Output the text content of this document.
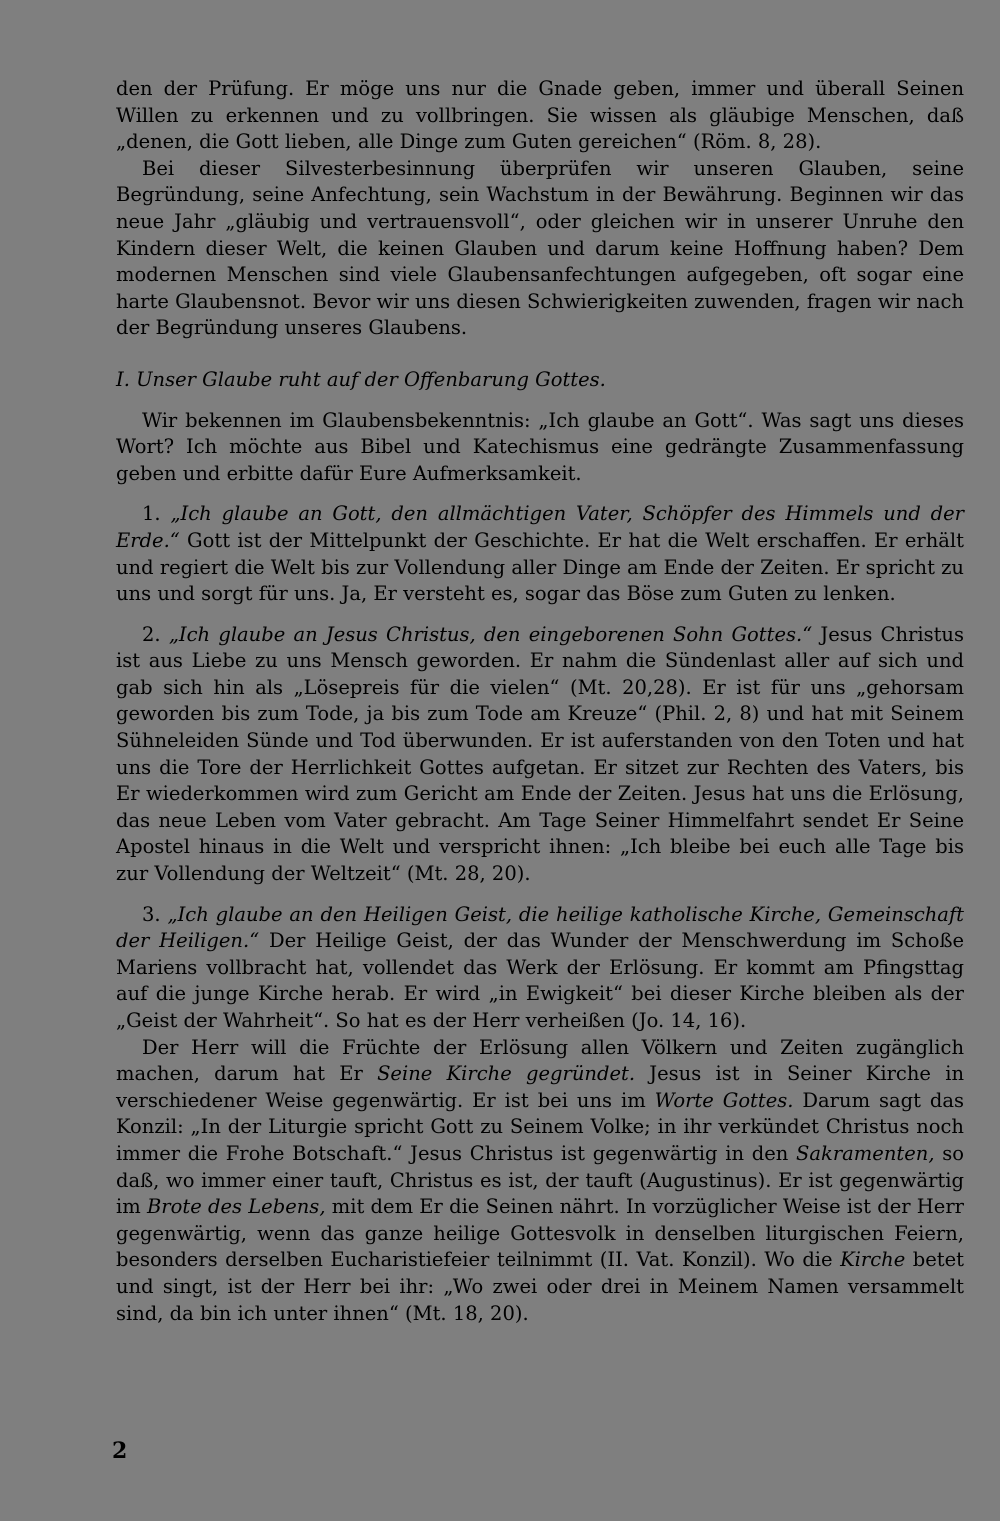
den der Prüfung. Er möge uns nur die Gnade geben, immer und überall Seinen Willen zu erkennen und zu vollbringen. Sie wissen als gläubige Menschen, daß „denen, die Gott lieben, alle Dinge zum Guten gereichen“ (Röm. 8, 28).

Bei dieser Silvesterbesinnung überprüfen wir unseren Glauben, seine Begründung, seine Anfechtung, sein Wachstum in der Bewährung. Beginnen wir das neue Jahr „gläubig und vertrauensvoll“, oder gleichen wir in unserer Unruhe den Kindern dieser Welt, die keinen Glauben und darum keine Hoffnung haben? Dem modernen Menschen sind viele Glaubensanfechtungen aufgegeben, oft sogar eine harte Glaubensnot. Bevor wir uns diesen Schwierigkeiten zuwenden, fragen wir nach der Begründung unseres Glaubens.

I. Unser Glaube ruht auf der Offenbarung Gottes.

Wir bekennen im Glaubensbekenntnis: „Ich glaube an Gott“. Was sagt uns dieses Wort? Ich möchte aus Bibel und Katechismus eine gedrängte Zusammenfassung geben und erbitte dafür Eure Aufmerksamkeit.

1. „Ich glaube an Gott, den allmächtigen Vater, Schöpfer des Himmels und der Erde.“ Gott ist der Mittelpunkt der Geschichte. Er hat die Welt erschaffen. Er erhält und regiert die Welt bis zur Vollendung aller Dinge am Ende der Zeiten. Er spricht zu uns und sorgt für uns. Ja, Er versteht es, sogar das Böse zum Guten zu lenken.

2. „Ich glaube an Jesus Christus, den eingeborenen Sohn Gottes.“ Jesus Christus ist aus Liebe zu uns Mensch geworden. Er nahm die Sündenlast aller auf sich und gab sich hin als „Lösepreis für die vielen“ (Mt. 20,28). Er ist für uns „gehorsam geworden bis zum Tode, ja bis zum Tode am Kreuze“ (Phil. 2, 8) und hat mit Seinem Sühneleiden Sünde und Tod überwunden. Er ist auferstanden von den Toten und hat uns die Tore der Herrlichkeit Gottes aufgetan. Er sitzet zur Rechten des Vaters, bis Er wiederkommen wird zum Gericht am Ende der Zeiten. Jesus hat uns die Erlösung, das neue Leben vom Vater gebracht. Am Tage Seiner Himmelfahrt sendet Er Seine Apostel hinaus in die Welt und verspricht ihnen: „Ich bleibe bei euch alle Tage bis zur Vollendung der Weltzeit“ (Mt. 28, 20).

3. „Ich glaube an den Heiligen Geist, die heilige katholische Kirche, Gemeinschaft der Heiligen.“ Der Heilige Geist, der das Wunder der Menschwerdung im Schoße Mariens vollbracht hat, vollendet das Werk der Erlösung. Er kommt am Pfingsttag auf die junge Kirche herab. Er wird „in Ewigkeit“ bei dieser Kirche bleiben als der „Geist der Wahrheit“. So hat es der Herr verheißen (Jo. 14, 16).

Der Herr will die Früchte der Erlösung allen Völkern und Zeiten zugänglich machen, darum hat Er Seine Kirche gegründet. Jesus ist in Seiner Kirche in verschiedener Weise gegenwärtig. Er ist bei uns im Worte Gottes. Darum sagt das Konzil: „In der Liturgie spricht Gott zu Seinem Volke; in ihr verkündet Christus noch immer die Frohe Botschaft.“ Jesus Christus ist gegenwärtig in den Sakramenten, so daß, wo immer einer tauft, Christus es ist, der tauft (Augustinus). Er ist gegenwärtig im Brote des Lebens, mit dem Er die Seinen nährt. In vorzüglicher Weise ist der Herr gegenwärtig, wenn das ganze heilige Gottesvolk in denselben liturgischen Feiern, besonders derselben Eucharistiefeier teilnimmt (II. Vat. Konzil). Wo die Kirche betet und singt, ist der Herr bei ihr: „Wo zwei oder drei in Meinem Namen versammelt sind, da bin ich unter ihnen“ (Mt. 18, 20).

2
